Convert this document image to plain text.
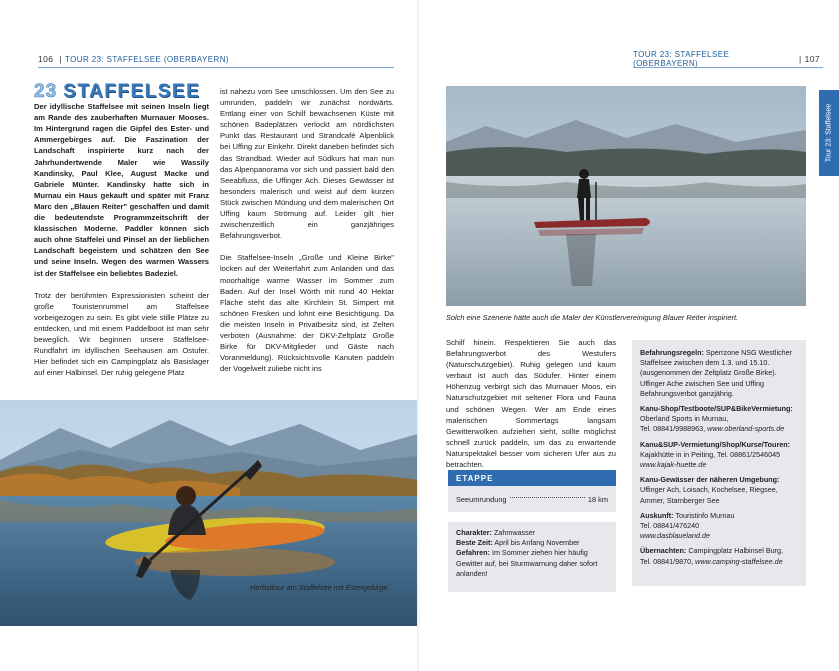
106 | TOUR 23: STAFFELSEE (OBERBAYERN)
23 STAFFELSEE

Der idyllische Staffelsee mit seinen Inseln liegt am Rande des zauberhaften Murnauer Mooses. Im Hintergrund ragen die Gipfel des Ester- und Ammergebirges auf. Die Faszination der Landschaft inspirierte kurz nach der Jahrhundertwende Maler wie Wassily Kandinsky, Paul Klee, August Macke und Gabriele Münter. Kandinsky hatte sich in Murnau ein Haus gekauft und später mit Franz Marc den „Blauen Reiter" geschaffen und damit die bedeutendste Programmzeitschrift der klassischen Moderne. Paddler können sich auch ohne Staffelei und Pinsel an der lieblichen Landschaft begeistern und schätzen den See und seine Inseln. Wegen des warmen Wassers ist der Staffelsee ein beliebtes Badeziel.

Trotz der berühmten Expressionisten scheint der große Touristenrummel am Staffelsee vorbeigezogen zu sein. Es gibt viele stille Plätze zu entdecken, und mit einem Paddelboot ist man sehr beweglich. Wir beginnen unsere Staffelsee-Rundfahrt im idyllischen Seehausen am Ostufer. Hier befindet sich ein Campingplatz als Basislager auf einer Halbinsel. Der ruhig gelegene Platz

ist nahezu vom See umschlossen. Um den See zu umrunden, paddeln wir zunächst nordwärts. Entlang einer von Schilf bewachsenen Küste mit schönen Badeplätzen verlockt am nördlichsten Punkt das Restaurant und Strandcafé Alpenblick bei Uffing zur Einkehr. Direkt daneben befindet sich das Strandbad. Wieder auf Südkurs hat man nun das Alpenpanorama vor sich und passiert bald den Seeabfluss, die Uffinger Ach. Dieses Gewässer ist besonders malerisch und weist auf dem kurzen Stück zwischen Mündung und dem malerischen Ort Uffing kaum Strömung auf. Leider gilt hier zwischenzeitlich ein ganzjähriges Befahrungsverbot.

Die Staffelsee-Inseln „Große und Kleine Birke" locken auf der Weiterfahrt zum Anlanden und das moorhaltige warme Wasser im Sommer zum Baden. Auf der Insel Wörth mit rund 40 Hektar Fläche steht das alte Kirchlein St. Simpert mit schönen Fresken und lohnt eine Besichtigung. Da die meisten Inseln in Privatbesitz sind, ist Zelten verboten (Ausnahme: der DKV-Zeltplatz Große Birke für DKV-Mitglieder und Gäste nach Voranmeldung). Rücksichtsvolle Kanuten paddeln der Vogelwelt zuliebe nicht ins

Herbsttour am Staffelsee mit Estergebirge.
TOUR 23: STAFFELSEE (OBERBAYERN)	| 107
Solch eine Szenerie hätte auch die Maler der Künstlervereinigung Blauer Reiter inspiriert.

Schilf hinein. Respektieren Sie auch das Befahrungsverbot des Westufers (Naturschutzgebiet). Ruhig gelegen und kaum verbaut ist auch das Südufer. Hinter einem Höhenzug verbirgt sich das Murnauer Moos, ein Naturschutzgebiet mit seltener Flora und Fauna und schönen Wegen. Wer am Ende eines malerischen Sommertags langsam Gewitterwolken aufziehen sieht, sollte möglichst schnell zurück paddeln, um das zu erwartende Naturspektakel besser vom sicheren Ufer aus zu betrachten.

ETAPPE
Seeumrundung	18 km
Charakter: Zahmwasser
Beste Zeit: April bis Anfang November
Gefahren: Im Sommer ziehen hier häufig Gewitter auf, bei Sturmwarnung daher sofort anlanden!
Befahrungsregeln: Sperrzone NSG Westlicher Staffelsee zwischen dem 1.3. und 15.10. (ausgenommen der Zeltplatz Große Birke). Uffinger Ache zwischen See und Uffing Befahrungsverbot ganzjährig.
Kanu-Shop/Testboote/SUP&BikeVermietung:
Oberland Sports in Murnau,
Tel. 08841/9988963, www.oberland-sports.de
Kanu&SUP-Vermietung/Shop/Kurse/Touren:
Kajakhütte in in Peiting, Tel. 08861/2546045
www.kajak-huette.de
Kanu-Gewässer der näheren Umgebung:
Uffinger Ach, Loisach, Kochelsee, Riegsee, Ammer, Starnberger See
Auskunft: Touristinfo Murnau
Tel. 08841/476240
www.dasblaueland.de
Übernachten: Campingplatz Halbinsel Burg,
Tel. 08841/9870, www.camping-staffelsee.de
Tour 23: Staffelsee
